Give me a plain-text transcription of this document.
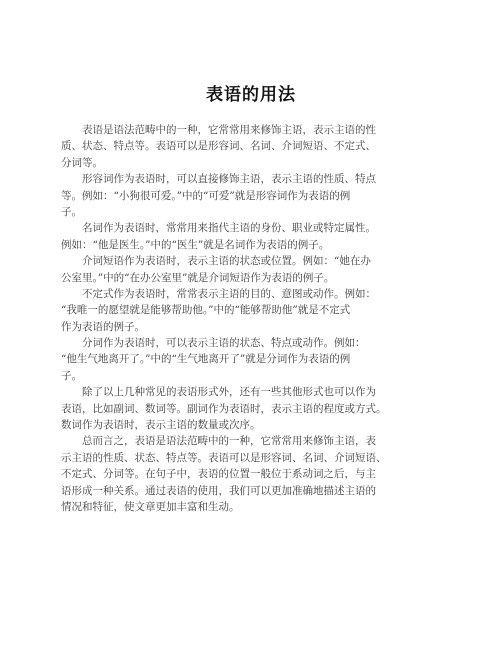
表语的用法
　　表语是语法范畴中的一种，它常常用来修饰主语，表示主语的性
质、状态、特点等。表语可以是形容词、名词、介词短语、不定式、
分词等。
　　形容词作为表语时，可以直接修饰主语，表示主语的性质、特点
等。例如：“小狗很可爱。”中的“可爱”就是形容词作为表语的例
子。
　　名词作为表语时，常常用来指代主语的身份、职业或特定属性。
例如：“他是医生。”中的“医生”就是名词作为表语的例子。
　　介词短语作为表语时，表示主语的状态或位置。例如：“她在办
公室里。”中的“在办公室里”就是介词短语作为表语的例子。
　　不定式作为表语时，常常表示主语的目的、意图或动作。例如：
“我唯一的愿望就是能够帮助他。”中的“能够帮助他”就是不定式
作为表语的例子。
　　分词作为表语时，可以表示主语的状态、特点或动作。例如：
“他生气地离开了。”中的“生气地离开了”就是分词作为表语的例
子。
　　除了以上几种常见的表语形式外，还有一些其他形式也可以作为
表语，比如副词、数词等。副词作为表语时，表示主语的程度或方式。
数词作为表语时，表示主语的数量或次序。
　　总而言之，表语是语法范畴中的一种，它常常用来修饰主语，表
示主语的性质、状态、特点等。表语可以是形容词、名词、介词短语、
不定式、分词等。在句子中，表语的位置一般位于系动词之后，与主
语形成一种关系。通过表语的使用，我们可以更加准确地描述主语的
情况和特征，使文章更加丰富和生动。
